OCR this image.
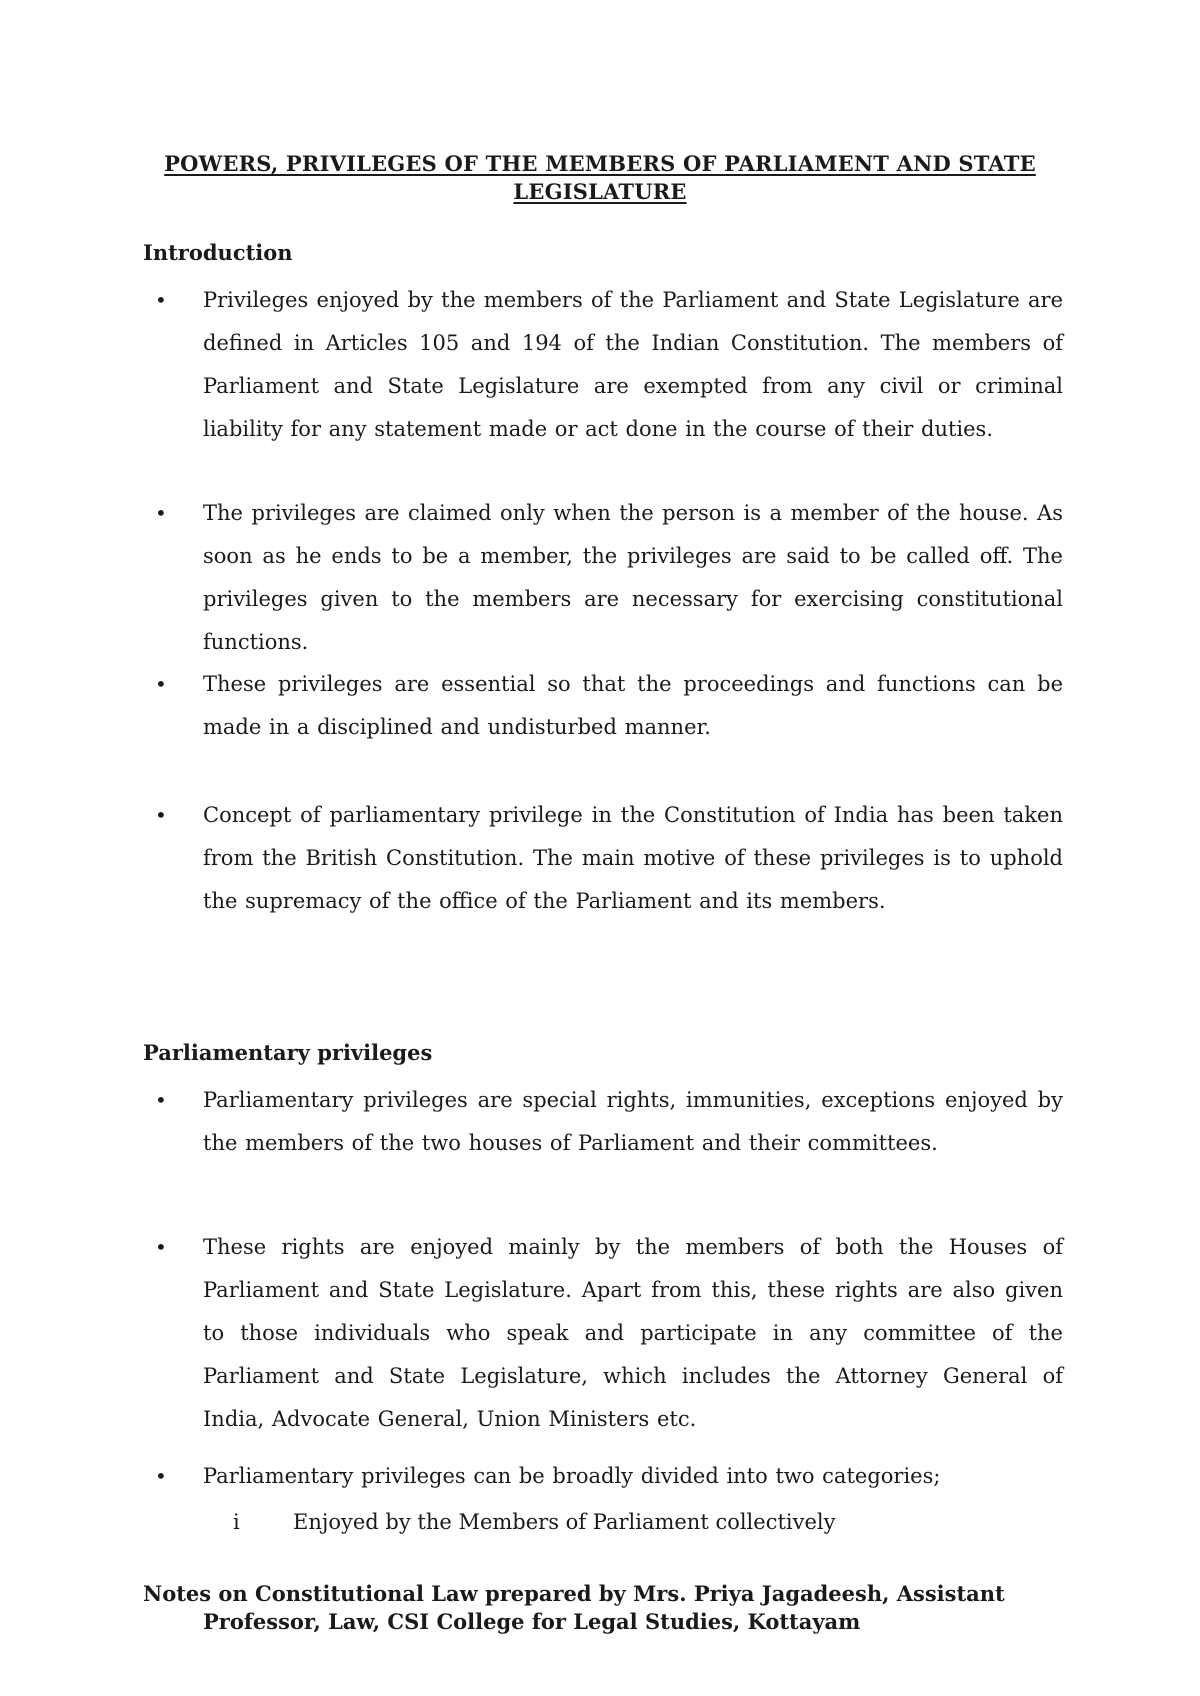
POWERS, PRIVILEGES OF THE MEMBERS OF PARLIAMENT AND STATE LEGISLATURE
Introduction
• Privileges enjoyed by the members of the Parliament and State Legislature are defined in Articles 105 and 194 of the Indian Constitution. The members of Parliament and State Legislature are exempted from any civil or criminal liability for any statement made or act done in the course of their duties.
• The privileges are claimed only when the person is a member of the house. As soon as he ends to be a member, the privileges are said to be called off. The privileges given to the members are necessary for exercising constitutional functions.
• These privileges are essential so that the proceedings and functions can be made in a disciplined and undisturbed manner.
• Concept of parliamentary privilege in the Constitution of India has been taken from the British Constitution. The main motive of these privileges is to uphold the supremacy of the office of the Parliament and its members.
Parliamentary privileges
• Parliamentary privileges are special rights, immunities, exceptions enjoyed by the members of the two houses of Parliament and their committees.
• These rights are enjoyed mainly by the members of both the Houses of Parliament and State Legislature. Apart from this, these rights are also given to those individuals who speak and participate in any committee of the Parliament and State Legislature, which includes the Attorney General of India, Advocate General, Union Ministers etc.
• Parliamentary privileges can be broadly divided into two categories;
i	Enjoyed by the Members of Parliament collectively
Notes on Constitutional Law prepared by Mrs. Priya Jagadeesh, Assistant
Professor, Law, CSI College for Legal Studies, Kottayam
